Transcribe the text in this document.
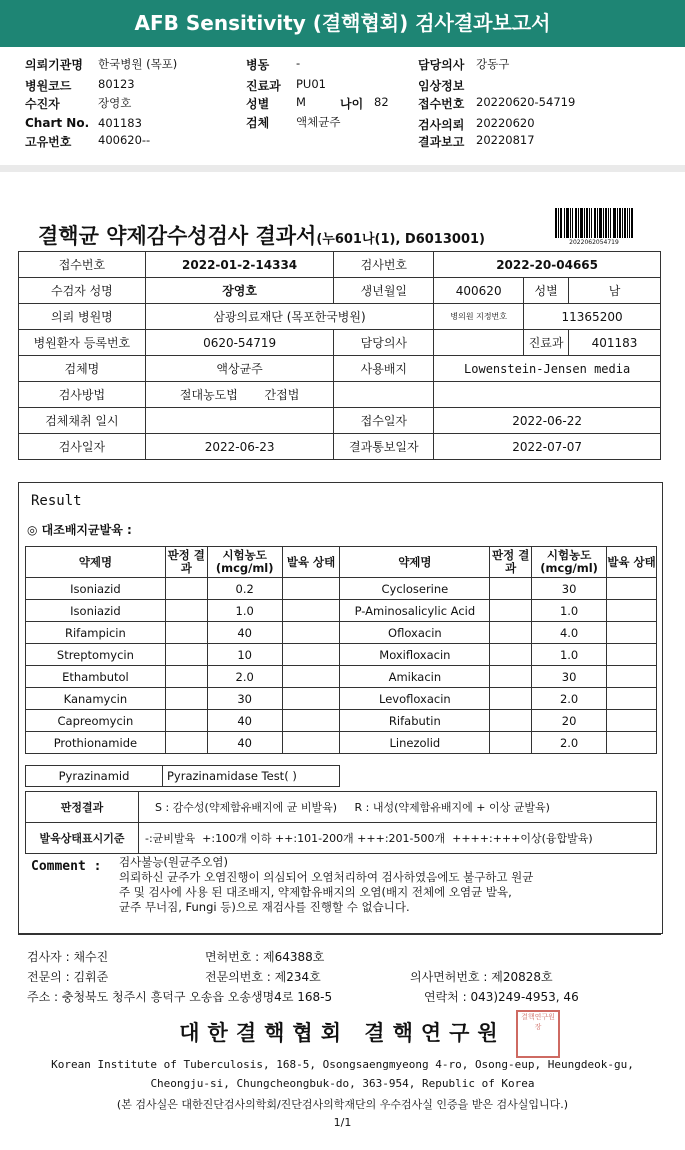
AFB Sensitivity (결핵협회) 검사결과보고서
의뢰기관명 한국병원 (목포)
병원코드 80123
수진자	장영호
Chart No. 401183
고유번호 400620--
병동 -
진료과 PU01
성별 M	나이 82
검체 액체균주
담당의사 강동구
임상정보
접수번호 20220620-54719
검사의뢰 20220620
결과보고 20220817
결핵균 약제감수성검사 결과서(누601나(1), D6013001)	2022062054719
접수번호	2022-01-2-14334	검사번호	2022-20-04665		
수검자 성명	장영호	생년월일	400620	성별	남
의뢰 병원명	삼광의료재단 (목포한국병원)		병의원 지정번호	11365200	
병원환자 등록번호	0620-54719	담당의사		진료과	401183
검체명	액상균주	사용배지	Lowenstein-Jensen media		
검사방법	절대농도법 간접법				
검체채취 일시		접수일자	2022-06-22		
검사일자	2022-06-23	결과통보일자	2022-07-07		
Result
◎ 대조배지균발육 :
약제명	판정 결과	시험농도 (mcg/ml)	발육 상태	약제명	판정 결과	시험농도 (mcg/ml)	발육 상태
Isoniazid		0.2		Cycloserine		30	
Isoniazid		1.0		P-Aminosalicylic Acid		1.0	
Rifampicin		40		Ofloxacin		4.0	
Streptomycin		10		Moxifloxacin		1.0	
Ethambutol		2.0		Amikacin		30	
Kanamycin		30		Levofloxacin		2.0	
Capreomycin		40		Rifabutin		20	
Prothionamide		40		Linezolid		2.0	
Pyrazinamid	Pyrazinamidase Test( )
판정결과	S : 감수성(약제함유배지에 균 비발육)     R : 내성(약제함유배지에 + 이상 균발육)
발육상태표시기준	-:균비발육  +:100개 이하 ++:101-200개 +++:201-500개  ++++:+++이상(융합발육)
Comment : 검사불능(원균주오염)
의뢰하신 균주가 오염진행이 의심되어 오염처리하여 검사하였음에도 불구하고 원균
주 및 검사에 사용 된 대조배지, 약제함유배지의 오염(배지 전체에 오염균 발육,
균주 무너짐, Fungi 등)으로 재검사를 진행할 수 없습니다.
검사자 : 채수진	면허번호 : 제64388호
전문의 : 김휘준	전문의번호 : 제234호	의사면허번호 : 제20828호
주소 : 충청북도 청주시 흥덕구 오송읍 오송생명4로 168-5	연락처 : 043)249-4953, 46
대한결핵협회 결핵연구원
결핵연구원장
Korean Institute of Tuberculosis, 168-5, Osongsaengmyeong 4-ro, Osong-eup, Heungdeok-gu,
Cheongju-si, Chungcheongbuk-do, 363-954, Republic of Korea
(본 검사실은 대한진단검사의학회/진단검사의학재단의 우수검사실 인증을 받은 검사실입니다.)
1/1
